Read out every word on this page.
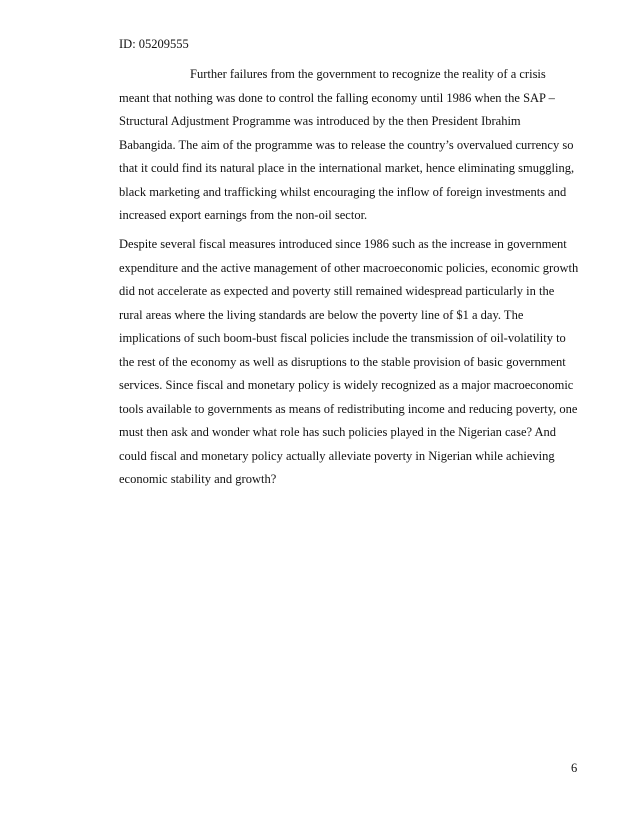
ID: 05209555
Further failures from the government to recognize the reality of a crisis
meant that nothing was done to control the falling economy until 1986 when the SAP –
Structural Adjustment Programme was introduced by the then President Ibrahim
Babangida. The aim of the programme was to release the country’s overvalued currency so
that it could find its natural place in the international market, hence eliminating smuggling,
black marketing and trafficking whilst encouraging the inflow of foreign investments and
increased export earnings from the non-oil sector.
Despite several fiscal measures introduced since 1986 such as the increase in government
expenditure and the active management of other macroeconomic policies, economic growth
did not accelerate as expected and poverty still remained widespread particularly in the
rural areas where the living standards are below the poverty line of $1 a day. The
implications of such boom-bust fiscal policies include the transmission of oil-volatility to
the rest of the economy as well as disruptions to the stable provision of basic government
services. Since fiscal and monetary policy is widely recognized as a major macroeconomic
tools available to governments as means of redistributing income and reducing poverty, one
must then ask and wonder what role has such policies played in the Nigerian case? And
could fiscal and monetary policy actually alleviate poverty in Nigerian while achieving
economic stability and growth?
6
